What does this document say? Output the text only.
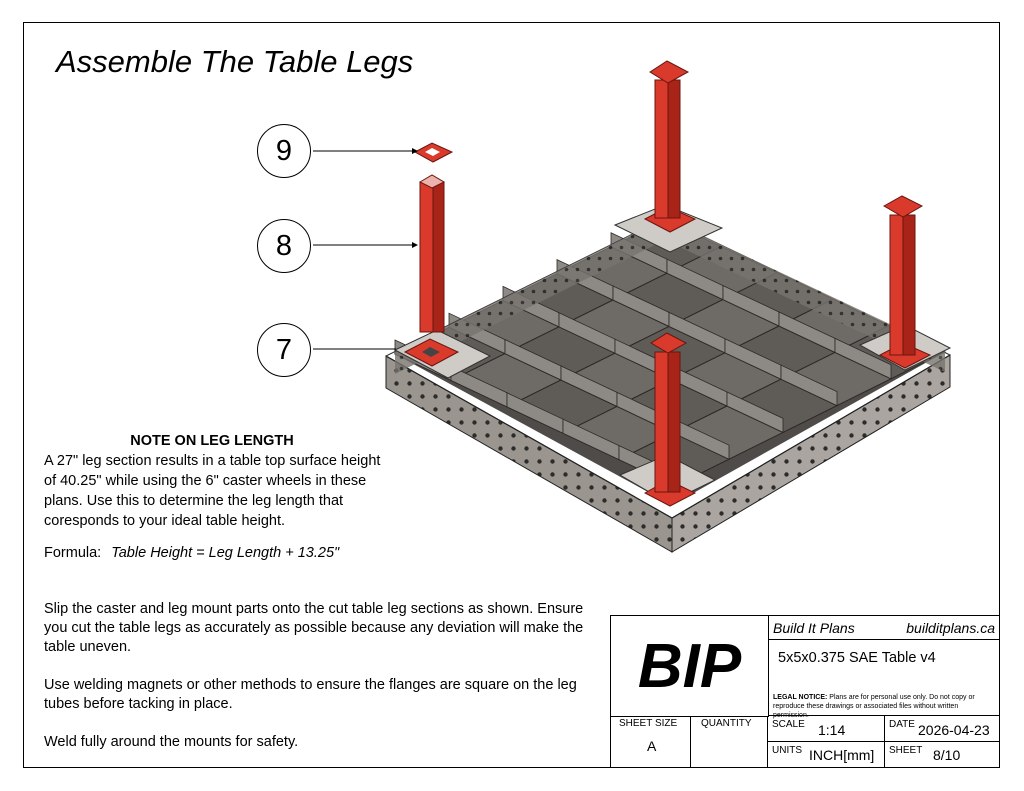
Assemble The Table Legs
9
8
7
NOTE ON LEG LENGTH
A 27" leg section results in a table top surface height of 40.25" while using the 6" caster wheels in these plans. Use this to determine the leg length that coresponds to your ideal table height.
Formula: Table Height = Leg Length + 13.25"
Slip the caster and leg mount parts onto the cut table leg sections as shown. Ensure you cut the table legs as accurately as possible because any deviation will make the table uneven.
Use welding magnets or other methods to ensure the flanges are square on the leg tubes before tacking in place.
Weld fully around the mounts for safety.
BIP
Build It Plans	builditplans.ca
5x5x0.375 SAE Table v4
LEGAL NOTICE: Plans are for personal use only. Do not copy or reproduce these drawings or associated files without written permission.
SHEET SIZE
A
QUANTITY SCALE 1:14	DATE 2026-04-23
UNITS INCH[mm] SHEET 8/10
